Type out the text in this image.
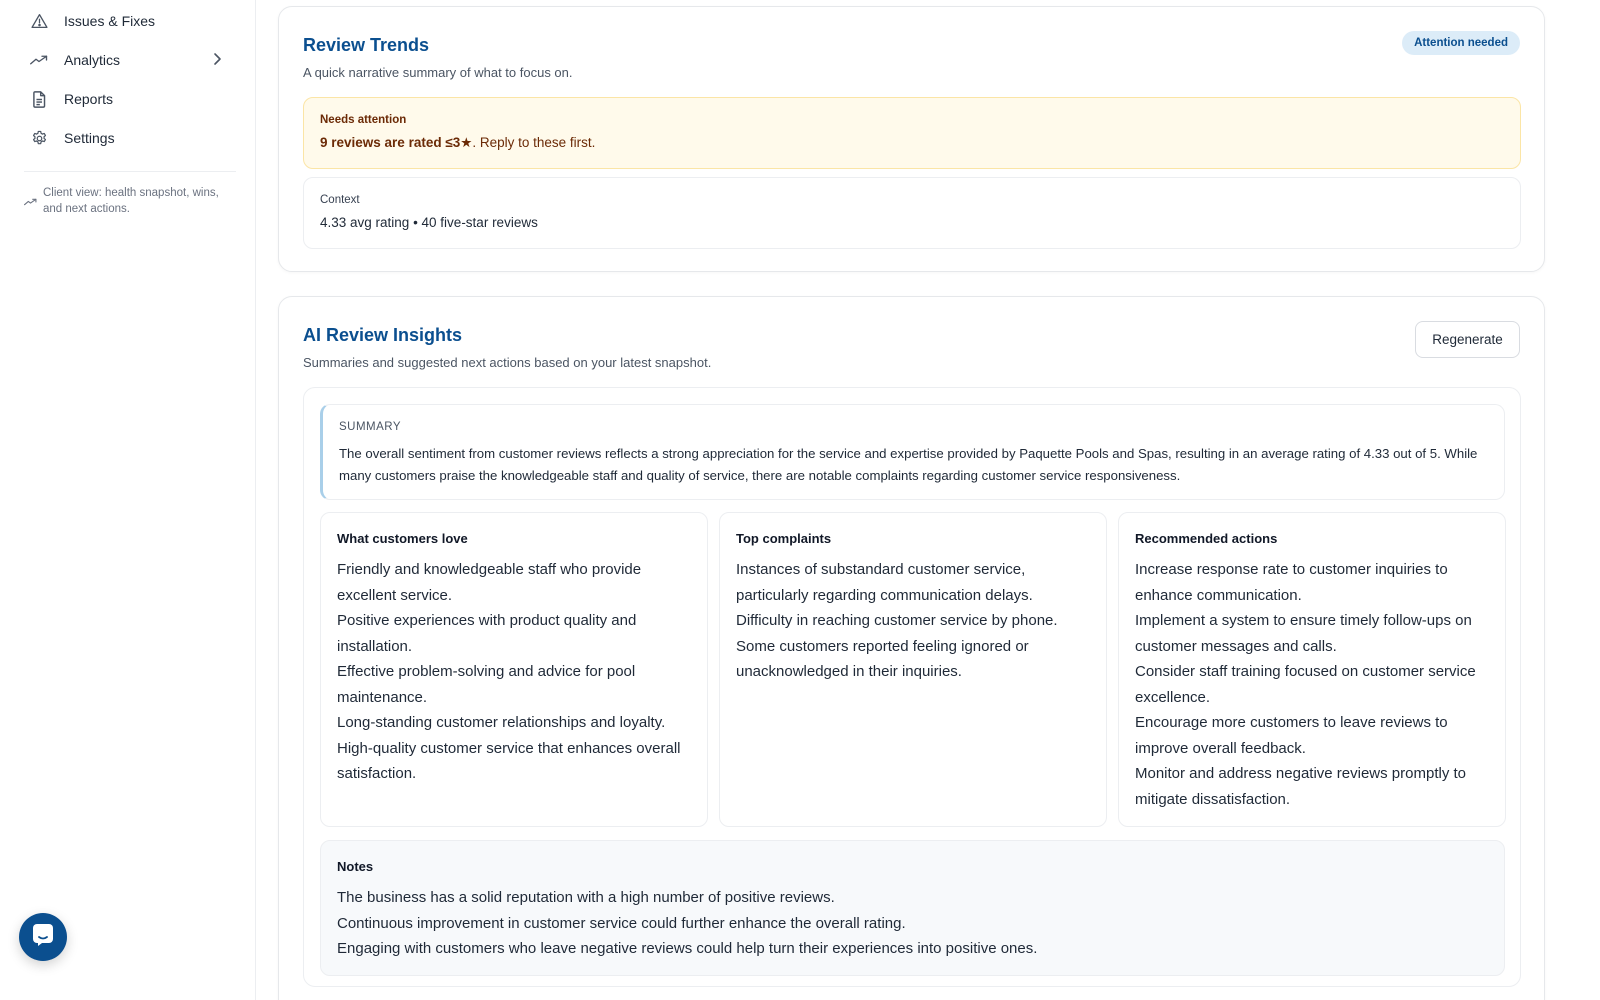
Issues & Fixes
Analytics
Reports
Settings
Client view: health snapshot, wins, and next actions.
Review Trends

A quick narrative summary of what to focus on.

Attention needed
Needs attention
9 reviews are rated ≤3★. Reply to these first.
Context
4.33 avg rating • 40 five-star reviews
AI Review Insights

Summaries and suggested next actions based on your latest snapshot.

Regenerate
SUMMARY
The overall sentiment from customer reviews reflects a strong appreciation for the service and expertise provided by Paquette Pools and Spas, resulting in an average rating of 4.33 out of 5. While many customers praise the knowledgeable staff and quality of service, there are notable complaints regarding customer service responsiveness.
What customers love
Friendly and knowledgeable staff who provide excellent service.
Positive experiences with product quality and installation.
Effective problem-solving and advice for pool maintenance.
Long-standing customer relationships and loyalty.
High-quality customer service that enhances overall satisfaction.
Top complaints
Instances of substandard customer service, particularly regarding communication delays.
Difficulty in reaching customer service by phone.
Some customers reported feeling ignored or unacknowledged in their inquiries.
Recommended actions
Increase response rate to customer inquiries to enhance communication.
Implement a system to ensure timely follow-ups on customer messages and calls.
Consider staff training focused on customer service excellence.
Encourage more customers to leave reviews to improve overall feedback.
Monitor and address negative reviews promptly to mitigate dissatisfaction.
Notes
The business has a solid reputation with a high number of positive reviews.
Continuous improvement in customer service could further enhance the overall rating.
Engaging with customers who leave negative reviews could help turn their experiences into positive ones.
